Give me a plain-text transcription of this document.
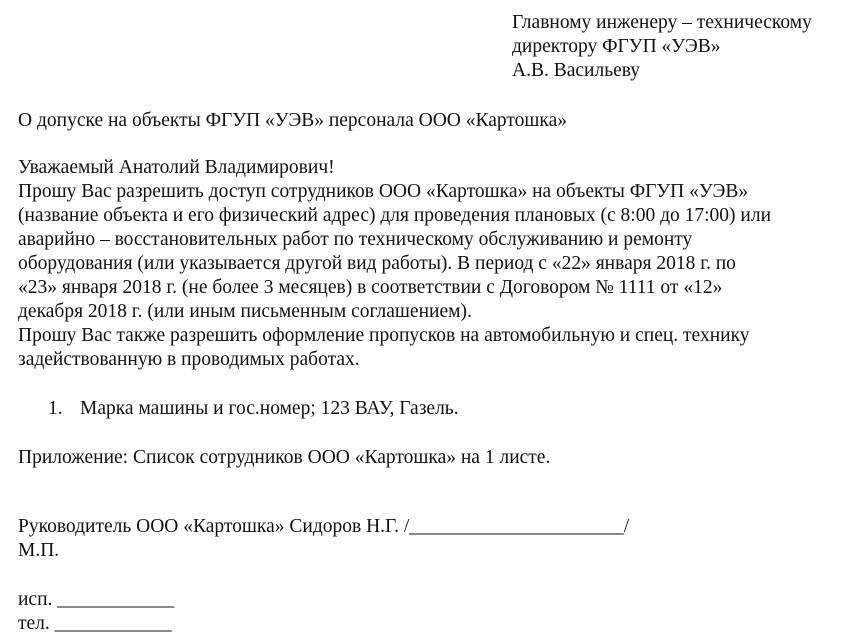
Главному инженеру – техническому
директору ФГУП «УЭВ»
А.В. Васильеву
О допуске на объекты ФГУП «УЭВ» персонала ООО «Картошка»
Уважаемый Анатолий Владимирович!
Прошу Вас разрешить доступ сотрудников ООО «Картошка» на объекты ФГУП «УЭВ»
(название объекта и его физический адрес) для проведения плановых (с 8:00 до 17:00) или
аварийно – восстановительных работ по техническому обслуживанию и ремонту
оборудования (или указывается другой вид работы). В период с «22» января 2018 г. по
«23» января 2018 г. (не более 3 месяцев) в соответствии с Договором № 1111 от «12»
декабря 2018 г. (или иным письменным соглашением).
Прошу Вас также разрешить оформление пропусков на автомобильную и спец. технику
задействованную в проводимых работах.
1. Марка машины и гос.номер; 123 ВАУ, Газель.
Приложение: Список сотрудников ООО «Картошка» на 1 листе.
Руководитель ООО «Картошка» Сидоров Н.Г. /______________________/
М.П.
исп. ____________
тел. ____________
